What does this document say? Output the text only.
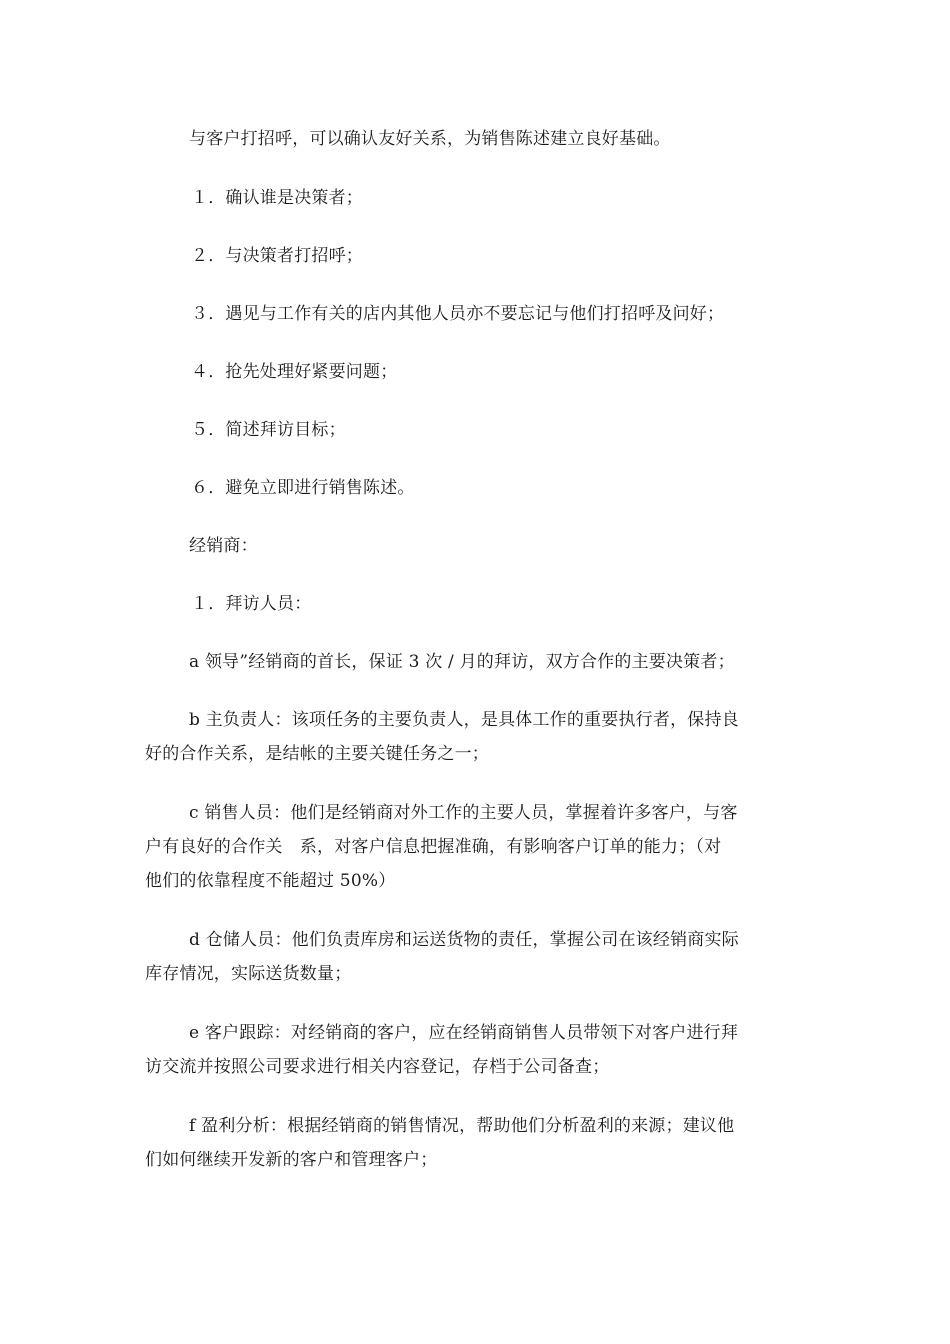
与客户打招呼，可以确认友好关系，为销售陈述建立良好基础。
１．确认谁是决策者；
２．与决策者打招呼；
３．遇见与工作有关的店内其他人员亦不要忘记与他们打招呼及问好；
４．抢先处理好紧要问题；
５．简述拜访目标；
６．避免立即进行销售陈述。
经销商：
１．拜访人员：
a 领导”经销商的首长，保证 3 次 / 月的拜访，双方合作的主要决策者；
b 主负责人：该项任务的主要负责人，是具体工作的重要执行者，保持良
好的合作关系，是结帐的主要关键任务之一；
c 销售人员：他们是经销商对外工作的主要人员，掌握着许多客户，与客
户有良好的合作关　系，对客户信息把握准确，有影响客户订单的能力；（对
他们的依靠程度不能超过 50%）
d 仓储人员：他们负责库房和运送货物的责任，掌握公司在该经销商实际
库存情况，实际送货数量；
e 客户跟踪：对经销商的客户，应在经销商销售人员带领下对客户进行拜
访交流并按照公司要求进行相关内容登记，存档于公司备查；
f 盈利分析：根据经销商的销售情况，帮助他们分析盈利的来源；建议他
们如何继续开发新的客户和管理客户；
